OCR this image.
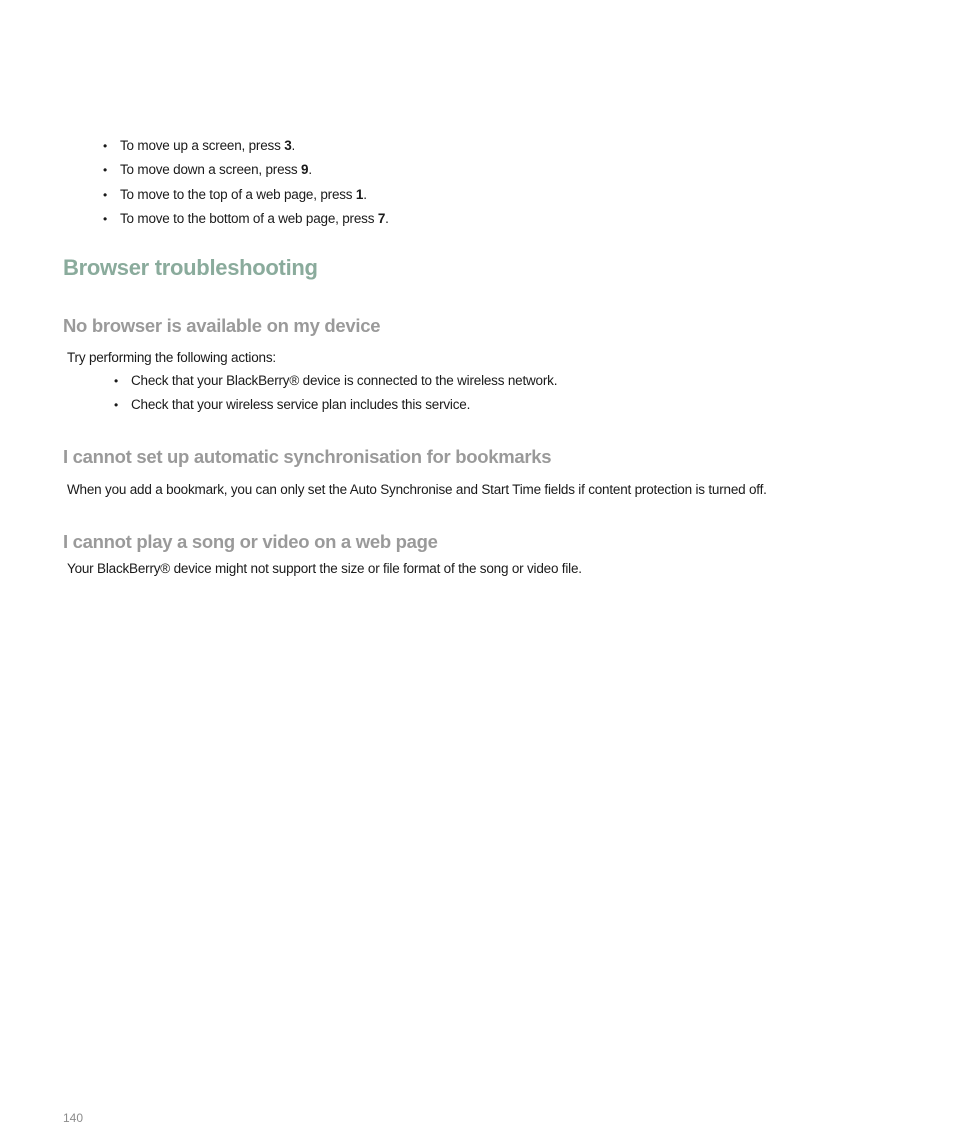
• To move up a screen, press 3.
• To move down a screen, press 9.
• To move to the top of a web page, press 1.
• To move to the bottom of a web page, press 7.
Browser troubleshooting
No browser is available on my device
Try performing the following actions:
• Check that your BlackBerry® device is connected to the wireless network.
• Check that your wireless service plan includes this service.
I cannot set up automatic synchronisation for bookmarks
When you add a bookmark, you can only set the Auto Synchronise and Start Time fields if content protection is turned off.
I cannot play a song or video on a web page
Your BlackBerry® device might not support the size or file format of the song or video file.
140
